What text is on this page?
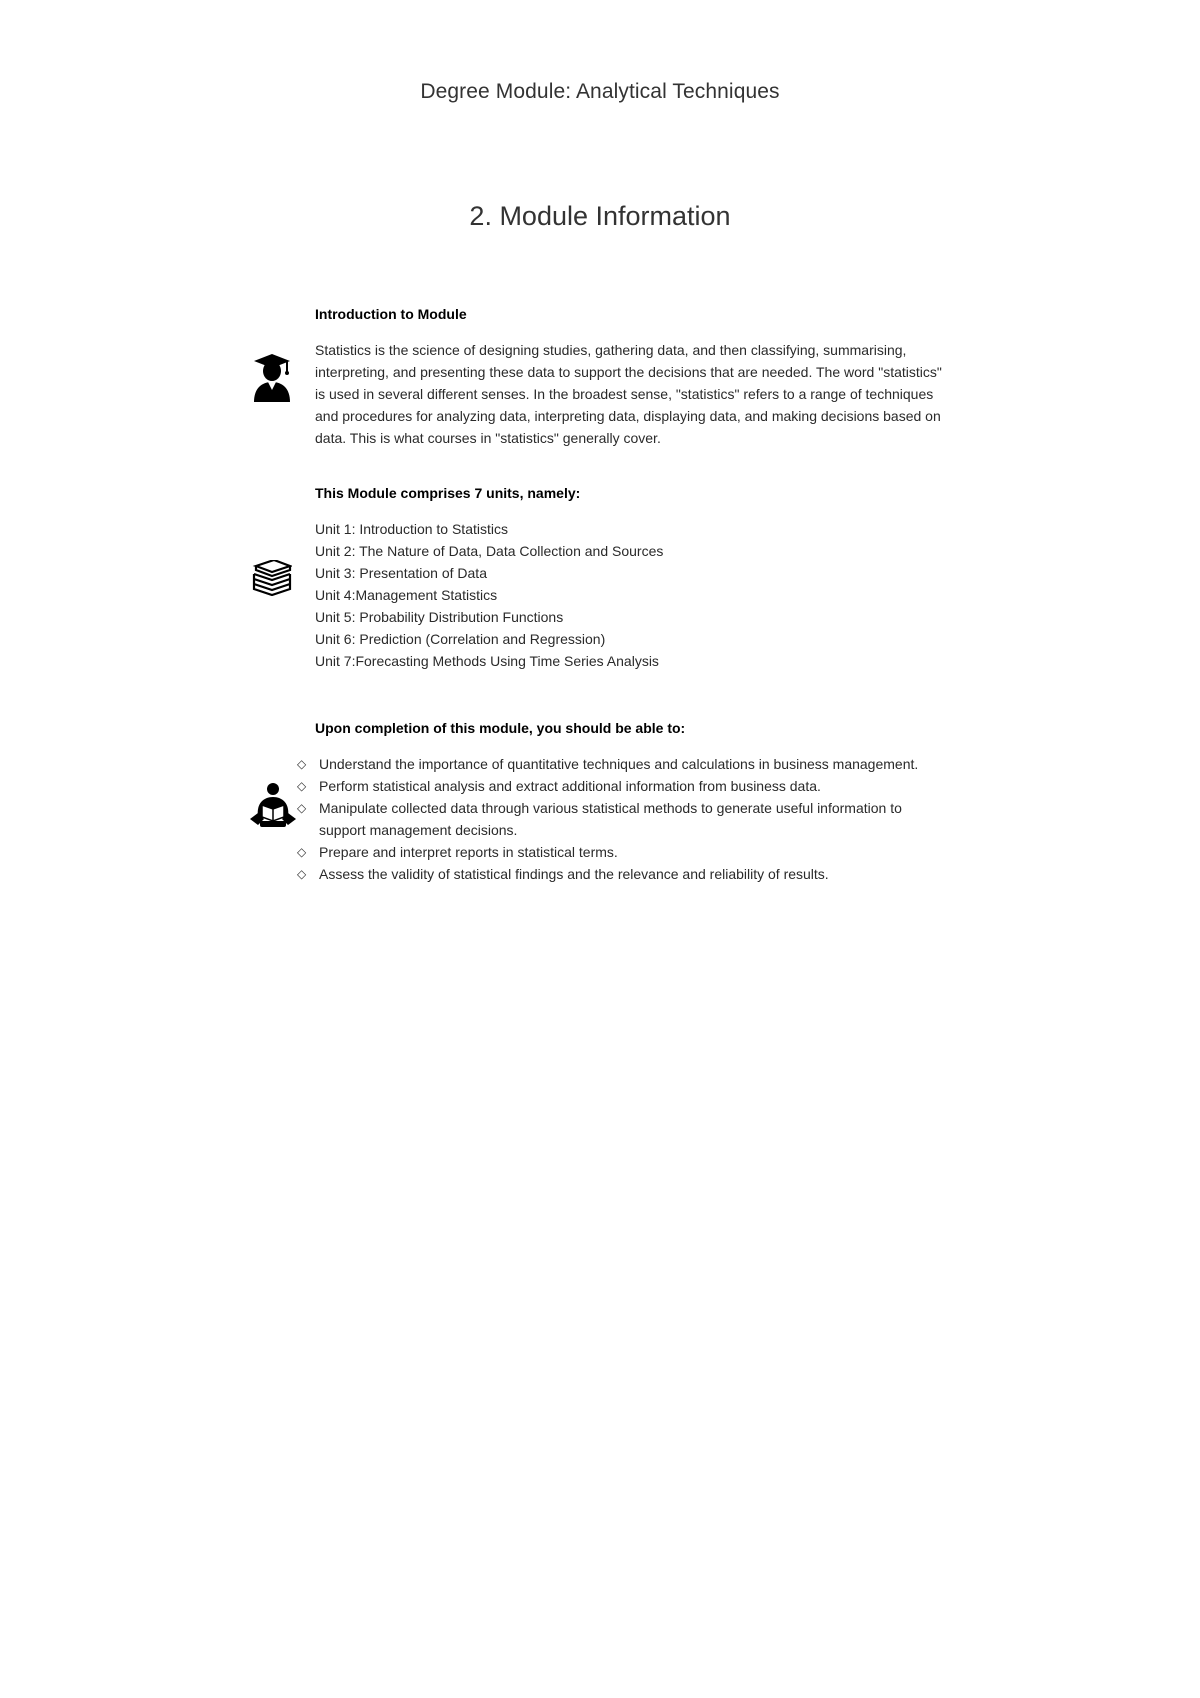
Degree Module: Analytical Techniques
2. Module Information
Introduction to Module

Statistics is the science of designing studies, gathering data, and then classifying, summarising, interpreting, and presenting these data to support the decisions that are needed. The word "statistics" is used in several different senses. In the broadest sense, "statistics" refers to a range of techniques and procedures for analyzing data, interpreting data, displaying data, and making decisions based on data. This is what courses in "statistics" generally cover.

This Module comprises 7 units, namely:
Unit 1: Introduction to Statistics
Unit 2: The Nature of Data, Data Collection and Sources
Unit 3: Presentation of Data
Unit 4:Management Statistics
Unit 5: Probability Distribution Functions
Unit 6: Prediction (Correlation and Regression)
Unit 7:Forecasting Methods Using Time Series Analysis
Upon completion of this module, you should be able to:
◇ Understand the importance of quantitative techniques and calculations in business management.
◇ Perform statistical analysis and extract additional information from business data.
◇ Manipulate collected data through various statistical methods to generate useful information to support management decisions.
◇ Prepare and interpret reports in statistical terms.
◇ Assess the validity of statistical findings and the relevance and reliability of results.
